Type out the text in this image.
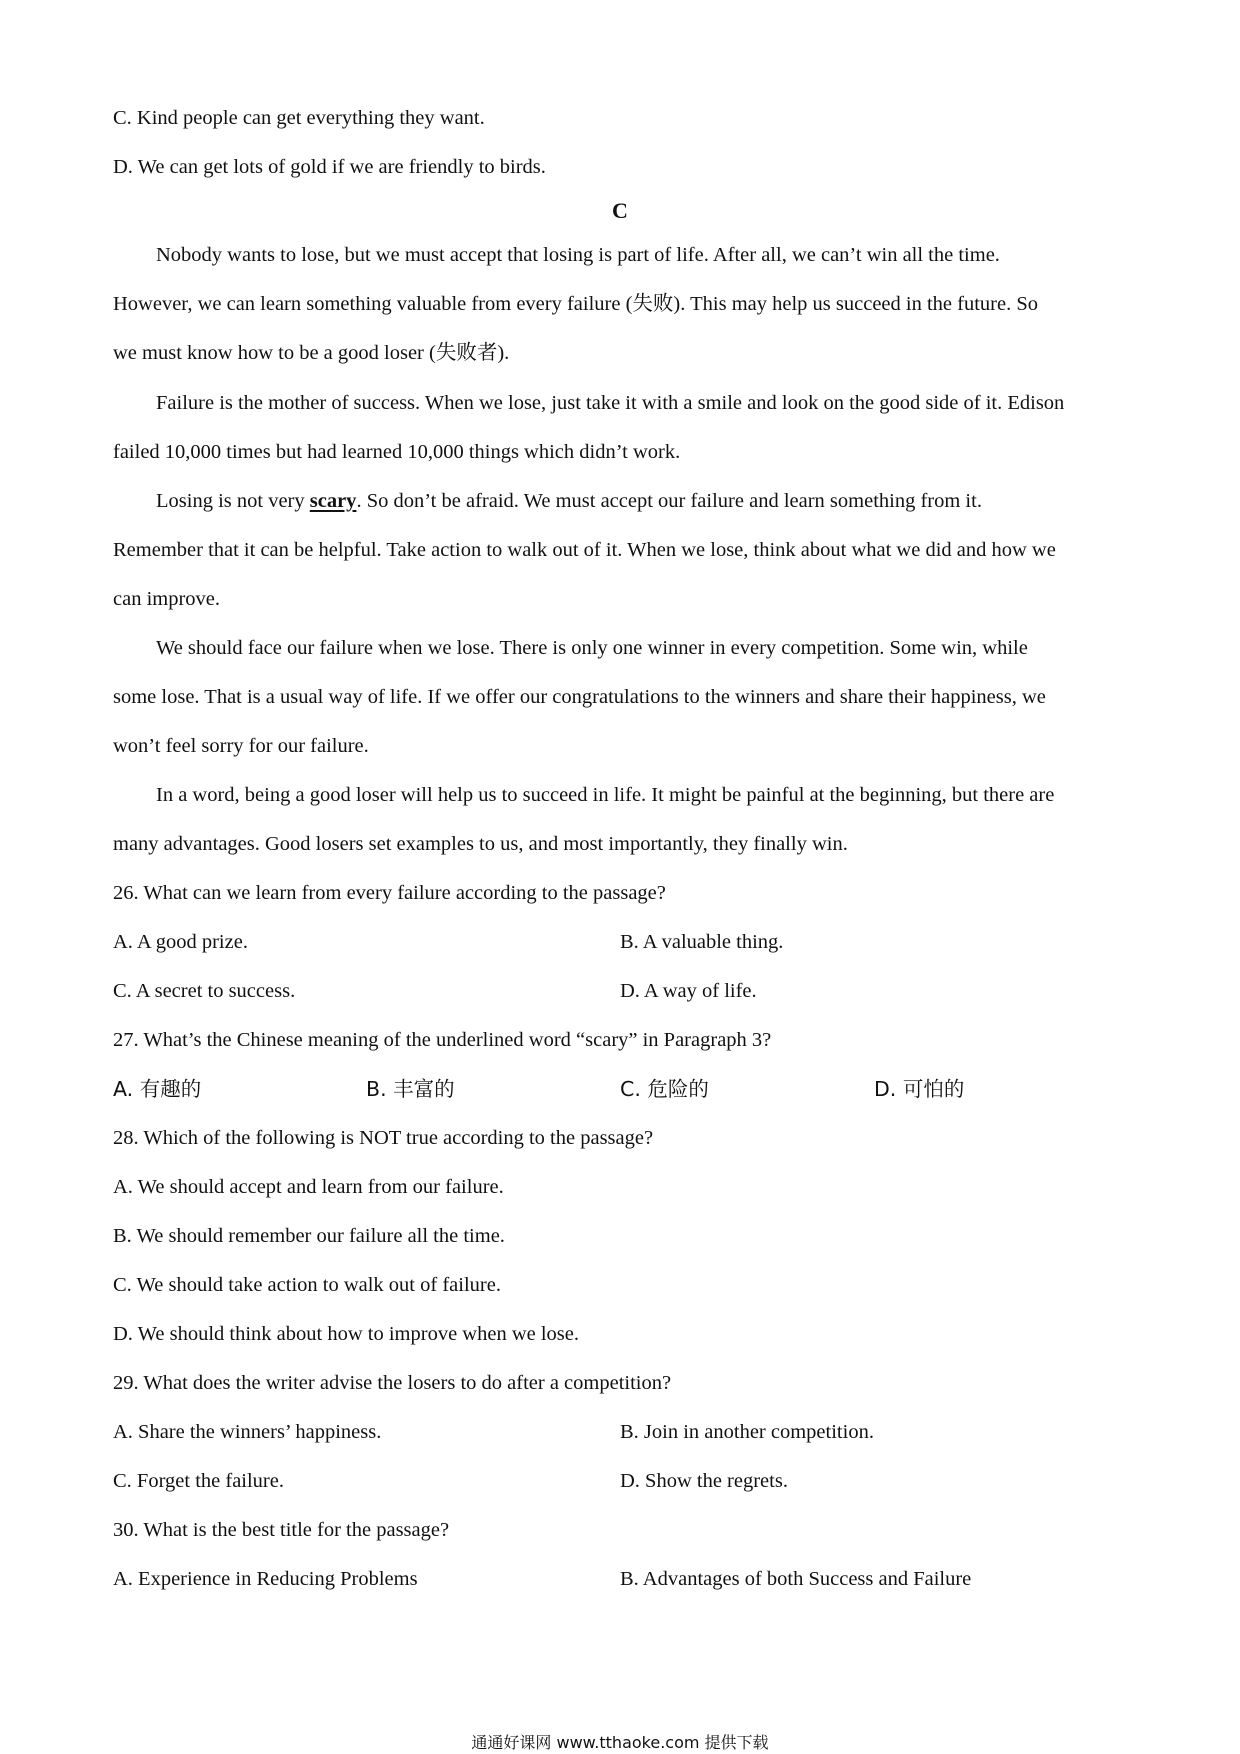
C. Kind people can get everything they want.
D. We can get lots of gold if we are friendly to birds.
C
Nobody wants to lose, but we must accept that losing is part of life. After all, we can’t win all the time.
However, we can learn something valuable from every failure (失败). This may help us succeed in the future. So
we must know how to be a good loser (失败者).
Failure is the mother of success. When we lose, just take it with a smile and look on the good side of it. Edison
failed 10,000 times but had learned 10,000 things which didn’t work.
Losing is not very scary. So don’t be afraid. We must accept our failure and learn something from it.
Remember that it can be helpful. Take action to walk out of it. When we lose, think about what we did and how we
can improve.
We should face our failure when we lose. There is only one winner in every competition. Some win, while
some lose. That is a usual way of life. If we offer our congratulations to the winners and share their happiness, we
won’t feel sorry for our failure.
In a word, being a good loser will help us to succeed in life. It might be painful at the beginning, but there are
many advantages. Good losers set examples to us, and most importantly, they finally win.
26. What can we learn from every failure according to the passage?
A. A good prize.	B. A valuable thing.
C. A secret to success.	D. A way of life.
27. What’s the Chinese meaning of the underlined word “scary” in Paragraph 3?
A. 有趣的	B. 丰富的	C. 危险的	D. 可怕的
28. Which of the following is NOT true according to the passage?
A. We should accept and learn from our failure.
B. We should remember our failure all the time.
C. We should take action to walk out of failure.
D. We should think about how to improve when we lose.
29. What does the writer advise the losers to do after a competition?
A. Share the winners’ happiness.	B. Join in another competition.
C. Forget the failure.	D. Show the regrets.
30. What is the best title for the passage?
A. Experience in Reducing Problems	B. Advantages of both Success and Failure
通通好课网 www.tthaoke.com 提供下载
